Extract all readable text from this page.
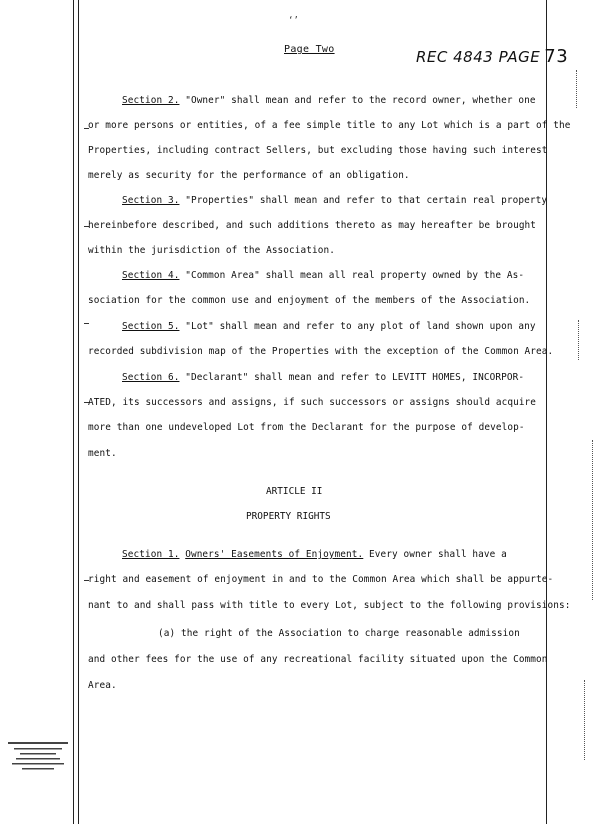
‘’
Page Two	REC 4843 PAGE 73
Section 2. "Owner" shall mean and refer to the record owner, whether one
or more persons or entities, of a fee simple title to any Lot which is a part of the
Properties, including contract Sellers, but excluding those having such interest
merely as security for the performance of an obligation.
Section 3. "Properties" shall mean and refer to that certain real property
hereinbefore described, and such additions thereto as may hereafter be brought
within the jurisdiction of the Association.
Section 4. "Common Area" shall mean all real property owned by the As-
sociation for the common use and enjoyment of the members of the Association.
Section 5. "Lot" shall mean and refer to any plot of land shown upon any
recorded subdivision map of the Properties with the exception of the Common Area.
Section 6. "Declarant" shall mean and refer to LEVITT HOMES, INCORPOR-
ATED, its successors and assigns, if such successors or assigns should acquire
more than one undeveloped Lot from the Declarant for the purpose of develop-
ment.
ARTICLE II
PROPERTY RIGHTS
Section 1. Owners' Easements of Enjoyment. Every owner shall have a
right and easement of enjoyment in and to the Common Area which shall be appurte-
nant to and shall pass with title to every Lot, subject to the following provisions:
(a) the right of the Association to charge reasonable admission
and other fees for the use of any recreational facility situated upon the Common
Area.
